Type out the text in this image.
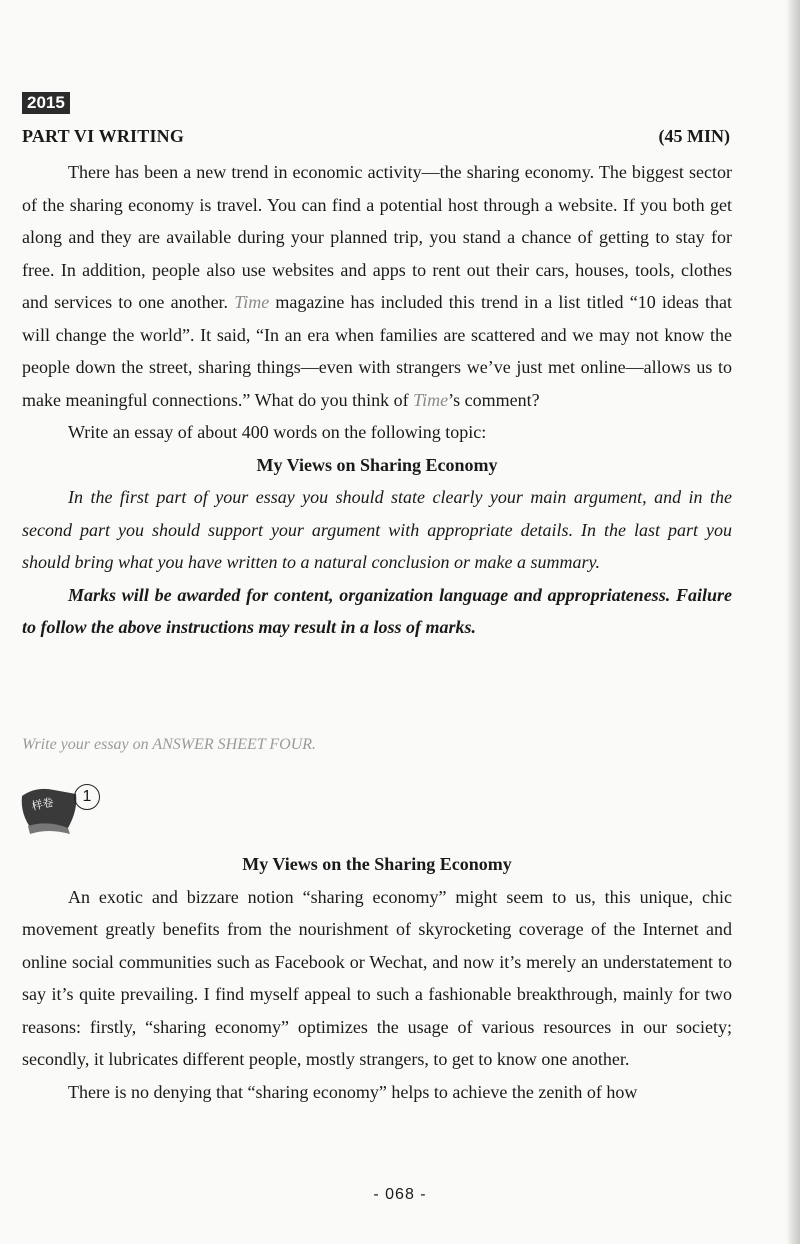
2015
PART VI WRITING	(45 MIN)

There has been a new trend in economic activity—the sharing economy. The biggest sector of the sharing economy is travel. You can find a potential host through a website. If you both get along and they are available during your planned trip, you stand a chance of getting to stay for free. In addition, people also use websites and apps to rent out their cars, houses, tools, clothes and services to one another. Time magazine has included this trend in a list titled “10 ideas that will change the world”. It said, “In an era when families are scattered and we may not know the people down the street, sharing things—even with strangers we’ve just met online—allows us to make meaningful connections.” What do you think of Time’s comment?

Write an essay of about 400 words on the following topic:

My Views on Sharing Economy

In the first part of your essay you should state clearly your main argument, and in the second part you should support your argument with appropriate details. In the last part you should bring what you have written to a natural conclusion or make a summary.

Marks will be awarded for content, organization language and appropriateness. Failure to follow the above instructions may result in a loss of marks.

Write your essay on ANSWER SHEET FOUR.
样卷	1

My Views on the Sharing Economy

An exotic and bizzare notion “sharing economy” might seem to us, this unique, chic movement greatly benefits from the nourishment of skyrocketing coverage of the Internet and online social communities such as Facebook or Wechat, and now it’s merely an understatement to say it’s quite prevailing. I find myself appeal to such a fashionable breakthrough, mainly for two reasons: firstly, “sharing economy” optimizes the usage of various resources in our society; secondly, it lubricates different people, mostly strangers, to get to know one another.

There is no denying that “sharing economy” helps to achieve the zenith of how

- 068 -
